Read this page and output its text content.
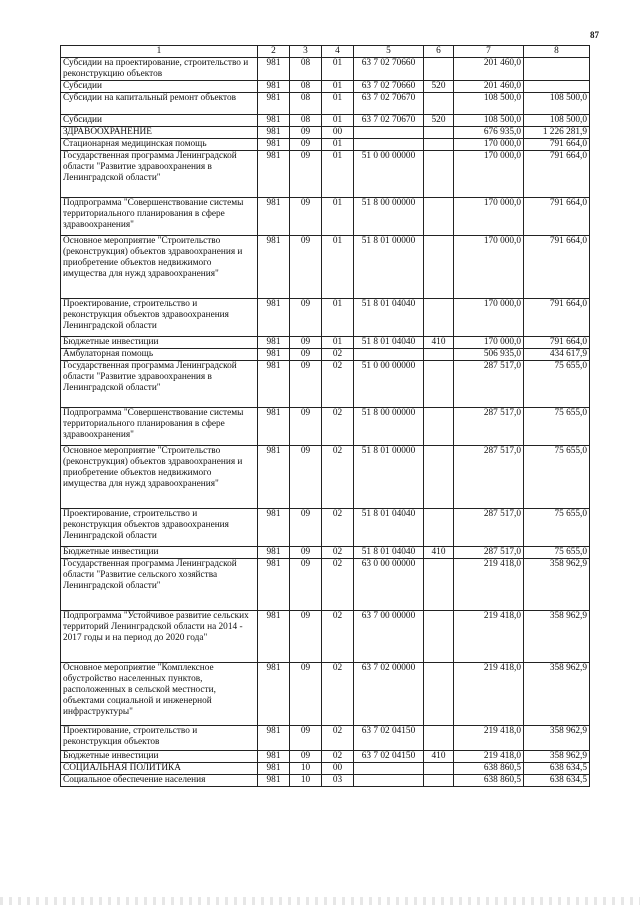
87
1	2	3	4	5	6	7	8
Субсидии на проектирование, строительство и реконструкцию объектов	981	08	01	63 7 02 70660		201 460,0	
Субсидии	981	08	01	63 7 02 70660	520	201 460,0	
Субсидии на капитальный ремонт объектов	981	08	01	63 7 02 70670		108 500,0	108 500,0
Субсидии	981	08	01	63 7 02 70670	520	108 500,0	108 500,0
ЗДРАВООХРАНЕНИЕ	981	09	00			676 935,0	1 226 281,9
Стационарная медицинская помощь	981	09	01			170 000,0	791 664,0
Государственная программа Ленинградской области "Развитие здравоохранения в Ленинградской области"	981	09	01	51 0 00 00000		170 000,0	791 664,0
Подпрограмма "Совершенствование системы территориального планирования в сфере здравоохранения"	981	09	01	51 8 00 00000		170 000,0	791 664,0
Основное мероприятие "Строительство (реконструкция) объектов здравоохранения и приобретение объектов недвижимого имущества для нужд здравоохранения"	981	09	01	51 8 01 00000		170 000,0	791 664,0
Проектирование, строительство и реконструкция объектов здравоохранения Ленинградской области	981	09	01	51 8 01 04040		170 000,0	791 664,0
Бюджетные инвестиции	981	09	01	51 8 01 04040	410	170 000,0	791 664,0
Амбулаторная помощь	981	09	02			506 935,0	434 617,9
Государственная программа Ленинградской области "Развитие здравоохранения в Ленинградской области"	981	09	02	51 0 00 00000		287 517,0	75 655,0
Подпрограмма "Совершенствование системы территориального планирования в сфере здравоохранения"	981	09	02	51 8 00 00000		287 517,0	75 655,0
Основное мероприятие "Строительство (реконструкция) объектов здравоохранения и приобретение объектов недвижимого имущества для нужд здравоохранения"	981	09	02	51 8 01 00000		287 517,0	75 655,0
Проектирование, строительство и реконструкция объектов здравоохранения Ленинградской области	981	09	02	51 8 01 04040		287 517,0	75 655,0
Бюджетные инвестиции	981	09	02	51 8 01 04040	410	287 517,0	75 655,0
Государственная программа Ленинградской области "Развитие сельского хозяйства Ленинградской области"	981	09	02	63 0 00 00000		219 418,0	358 962,9
Подпрограмма "Устойчивое развитие сельских территорий Ленинградской области на 2014 - 2017 годы и на период до 2020 года"	981	09	02	63 7 00 00000		219 418,0	358 962,9
Основное мероприятие "Комплексное обустройство населенных пунктов, расположенных в сельской местности, объектами социальной и инженерной инфраструктуры"	981	09	02	63 7 02 00000		219 418,0	358 962,9
Проектирование, строительство и реконструкция объектов	981	09	02	63 7 02 04150		219 418,0	358 962,9
Бюджетные инвестиции	981	09	02	63 7 02 04150	410	219 418,0	358 962,9
СОЦИАЛЬНАЯ ПОЛИТИКА	981	10	00			638 860,5	638 634,5
Социальное обеспечение населения	981	10	03			638 860,5	638 634,5
